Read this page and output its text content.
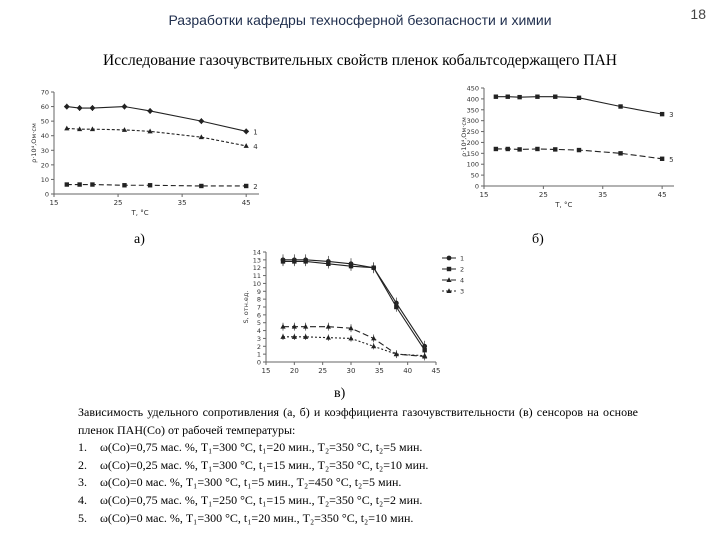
Разработки кафедры техносферной безопасности и химии	18
Исследование газочувствительных свойств пленок кобальтсодержащего ПАН
0
10
20
30
40
50
60
70
15	25	35	45
T, °C
ρ·10⁴,Ом·см	1
4
2	0
50
100
150
200
250
300
350
400
450
15	25	35	45
T, °C
ρ·10⁴,Ом·см
3
5
0
1
2
3
4
5
6
7
8
9
10
11
12
13
14
15	20	25	30	35	40	45
S, отн.ед.
1
2
4
3
а)	б)
в)
Зависимость удельного сопротивления (а, б) и коэффициента газочувствительности (в) сенсоров на основе пленок ПАН(Co) от рабочей температуры:
1.	ω(Co)=0,75 мас. %, T₁=300 °C, t₁=20 мин., T₂=350 °C, t₂=5 мин.
2.	ω(Co)=0,25 мас. %, T₁=300 °C, t₁=15 мин., T₂=350 °C, t₂=10 мин.
3.	ω(Co)=0 мас. %, T₁=300 °C, t₁=5 мин., T₂=450 °C, t₂=5 мин.
4.	ω(Co)=0,75 мас. %, T₁=250 °C, t₁=15 мин., T₂=350 °C, t₂=2 мин.
5.	ω(Co)=0 мас. %, T₁=300 °C, t₁=20 мин., T₂=350 °C, t₂=10 мин.
